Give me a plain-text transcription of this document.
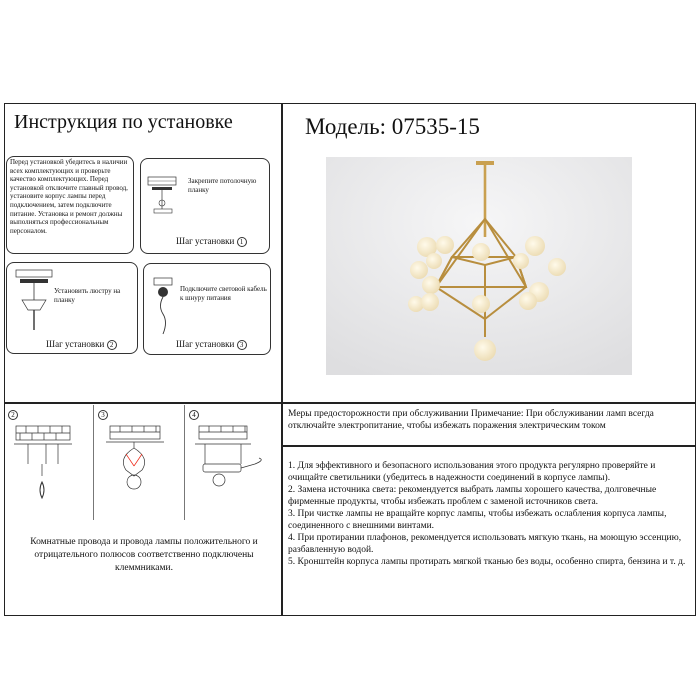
Инструкция по установке	Модель: 07535-15
Перед установкой убедитесь в наличии всех комплектующих и проверьте качество комплектующих. Перед установкой отключите главный провод, установите корпус лампы перед подключением, затем подключите питание. Установка и ремонт должны выполняться профессиональным персоналом.
Закрепите потолочную планку
Шаг установки 1
Установить люстру на планку
Шаг установки 2
Подключите световой кабель к шнуру питания
Шаг установки 3
2	3	4
Комнатные провода и провода лампы положительного и отрицательного полюсов соответственно подключены клеммниками.
Меры предосторожности при обслуживании Примечание: При обслуживании ламп всегда отключайте электропитание, чтобы избежать поражения электрическим током
1. Для эффективного и безопасного использования этого продукта регулярно проверяйте и очищайте светильники (убедитесь в надежности соединений в корпусе лампы).
2. Замена источника света: рекомендуется выбрать лампы хорошего качества, долговечные фирменные продукты, чтобы избежать проблем с заменой источников света.
3. При чистке лампы не вращайте корпус лампы, чтобы избежать ослабления корпуса лампы, соединенного с внешними винтами.
4. При протирании плафонов, рекомендуется использовать мягкую ткань, на моющую эссенцию, разбавленную водой.
5. Кронштейн корпуса лампы протирать мягкой тканью без воды, особенно спирта, бензина и т. д.
